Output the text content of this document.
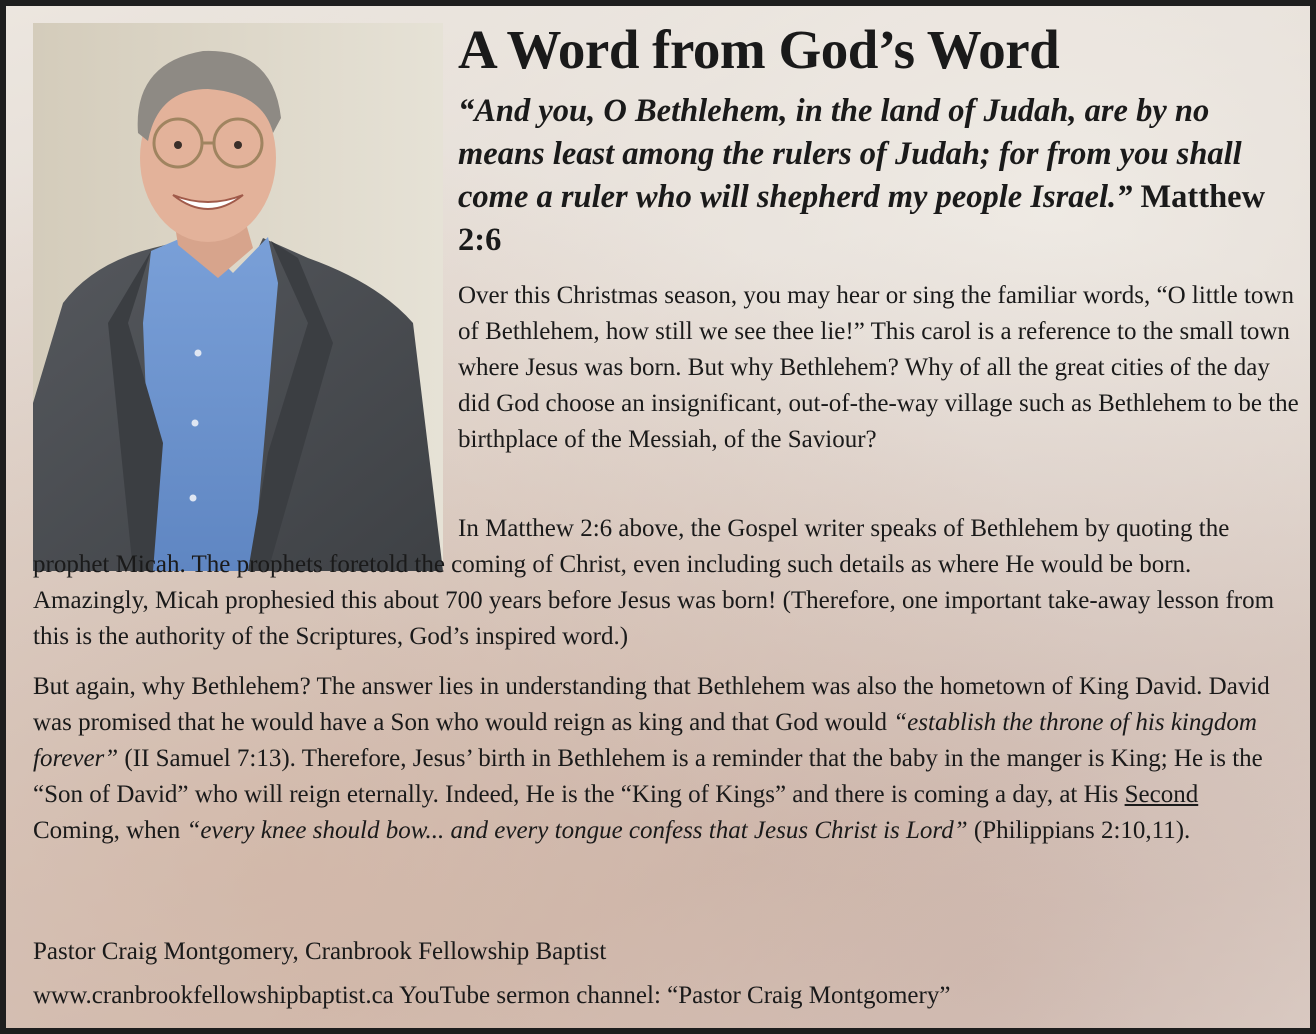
A Word from God’s Word

“And you, O Bethlehem, in the land of Judah, are by no means least among the rulers of Judah; for from you shall come a ruler who will shepherd my people Israel.” Matthew 2:6

Over this Christmas season, you may hear or sing the familiar words, “O little town of Bethlehem, how still we see thee lie!” This carol is a reference to the small town where Jesus was born. But why Bethlehem? Why of all the great cities of the day did God choose an insignificant, out-of-the-way village such as Bethlehem to be the birthplace of the Messiah, of the Saviour?

In Matthew 2:6 above, the Gospel writer speaks of Bethlehem by quoting the prophet Micah. The prophets foretold the coming of Christ, even including such details as where He would be born. Amazingly, Micah prophesied this about 700 years before Jesus was born! (Therefore, one important take-away lesson from this is the authority of the Scriptures, God’s inspired word.)

But again, why Bethlehem? The answer lies in understanding that Bethlehem was also the hometown of King David. David was promised that he would have a Son who would reign as king and that God would “establish the throne of his kingdom forever” (II Samuel 7:13). Therefore, Jesus’ birth in Bethlehem is a reminder that the baby in the manger is King; He is the “Son of David” who will reign eternally. Indeed, He is the “King of Kings” and there is coming a day, at His Second Coming, when “every knee should bow... and every tongue confess that Jesus Christ is Lord” (Philippians 2:10,11).

Pastor Craig Montgomery, Cranbrook Fellowship Baptist

www.cranbrookfellowshipbaptist.ca YouTube sermon channel: “Pastor Craig Montgomery”
